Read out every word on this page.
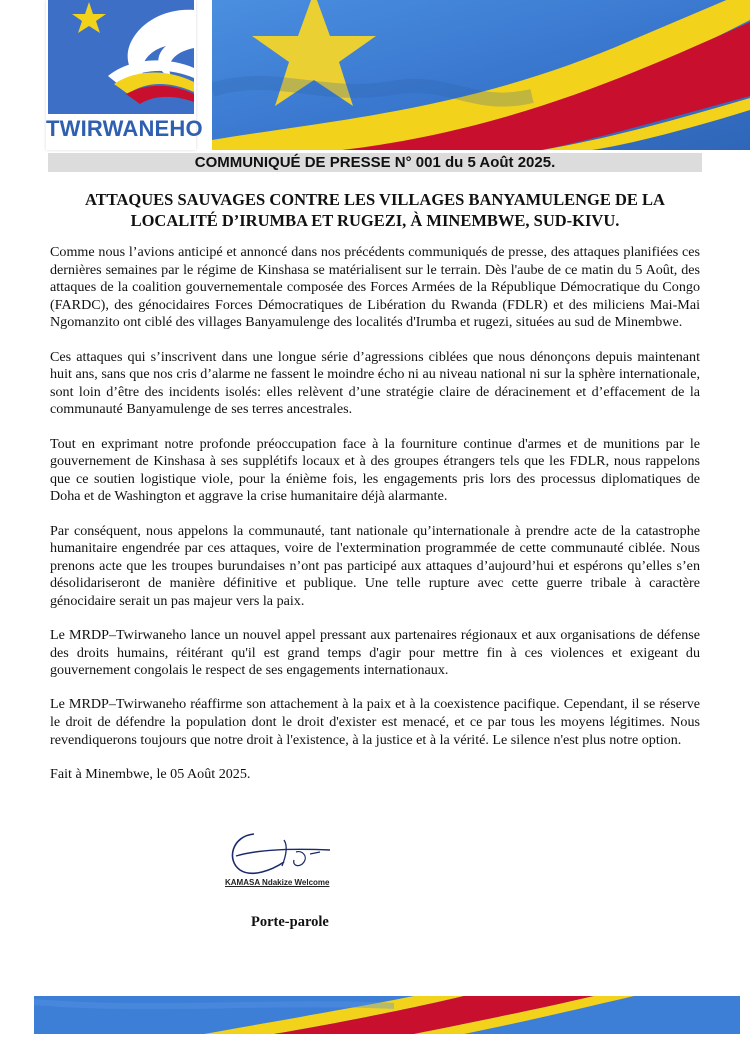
TWIRWANEHO
COMMUNIQUÉ DE PRESSE N° 001 du 5 Août 2025.
ATTAQUES SAUVAGES CONTRE LES VILLAGES BANYAMULENGE DE LA
LOCALITÉ D’IRUMBA ET RUGEZI, À MINEMBWE, SUD-KIVU.

Comme nous l’avions anticipé et annoncé dans nos précédents communiqués de presse, des attaques planifiées ces dernières semaines par le régime de Kinshasa se matérialisent sur le terrain. Dès l'aube de ce matin du 5 Août, des attaques de la coalition gouvernementale composée des Forces Armées de la République Démocratique du Congo (FARDC), des génocidaires Forces Démocratiques de Libération du Rwanda (FDLR) et des miliciens Mai-Mai Ngomanzito ont ciblé des villages Banyamulenge des localités d'Irumba et rugezi, situées au sud de Minembwe.

Ces attaques qui s’inscrivent dans une longue série d’agressions ciblées que nous dénonçons depuis maintenant huit ans, sans que nos cris d’alarme ne fassent le moindre écho ni au niveau national ni sur la sphère internationale, sont loin d’être des incidents isolés: elles relèvent d’une stratégie claire de déracinement et d’effacement de la communauté Banyamulenge de ses terres ancestrales.

Tout en exprimant notre profonde préoccupation face à la fourniture continue d'armes et de munitions par le gouvernement de Kinshasa à ses supplétifs locaux et à des groupes étrangers tels que les FDLR, nous rappelons que ce soutien logistique viole, pour la énième fois, les engagements pris lors des processus diplomatiques de Doha et de Washington et aggrave la crise humanitaire déjà alarmante.

Par conséquent, nous appelons la communauté, tant nationale qu’internationale à prendre acte de la catastrophe humanitaire engendrée par ces attaques, voire de l'extermination programmée de cette communauté ciblée. Nous prenons acte que les troupes burundaises n’ont pas participé aux attaques d’aujourd’hui et espérons qu’elles s’en désolidariseront de manière définitive et publique. Une telle rupture avec cette guerre tribale à caractère génocidaire serait un pas majeur vers la paix.

Le MRDP–Twirwaneho lance un nouvel appel pressant aux partenaires régionaux et aux organisations de défense des droits humains, réitérant qu'il est grand temps d'agir pour mettre fin à ces violences et exigeant du gouvernement congolais le respect de ses engagements internationaux.

Le MRDP–Twirwaneho réaffirme son attachement à la paix et à la coexistence pacifique. Cependant, il se réserve le droit de défendre la population dont le droit d'exister est menacé, et ce par tous les moyens légitimes. Nous revendiquerons toujours que notre droit à l'existence, à la justice et à la vérité. Le silence n'est plus notre option.

Fait à Minembwe, le 05 Août 2025.

KAMASA Ndakize Welcome
Porte-parole
